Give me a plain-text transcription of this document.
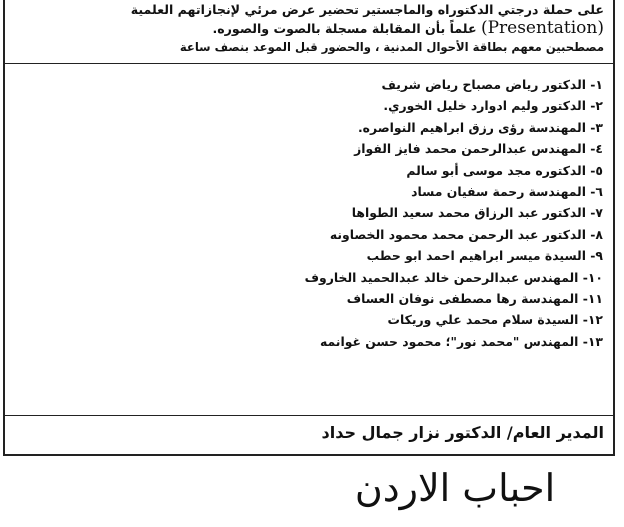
على حملة درجتي الدكتوراه والماجستير تحضير عرض مرئي لإنجازاتهم العلمية
(Presentation) علماً بأن المقابلة مسجلة بالصوت والصوره.
مصطحبين معهم بطاقة الأحوال المدنية ، والحضور قبل الموعد بنصف ساعة
١- الدكتور رياض مصباح رياض شريف
٢- الدكتور وليم ادوارد خليل الخوري.
٣- المهندسة رؤى رزق ابراهيم النواصره.
٤- المهندس عبدالرحمن محمد فايز الفواز
٥- الدكتوره مجد موسى أبو سالم
٦- المهندسة رحمة سفيان مساد
٧- الدكتور عبد الرزاق محمد سعيد الطواها
٨- الدكتور عبد الرحمن محمد محمود الخصاونه
٩- السيدة ميسر ابراهيم احمد ابو حطب
١٠- المهندس عبدالرحمن خالد عبدالحميد الخاروف
١١- المهندسة رها مصطفى نوفان العساف
١٢- السيدة سلام محمد علي وريكات
١٣- المهندس "محمد نور"؛ محمود حسن غوانمه
المدير العام/ الدكتور نزار جمال حداد
احباب الاردن
